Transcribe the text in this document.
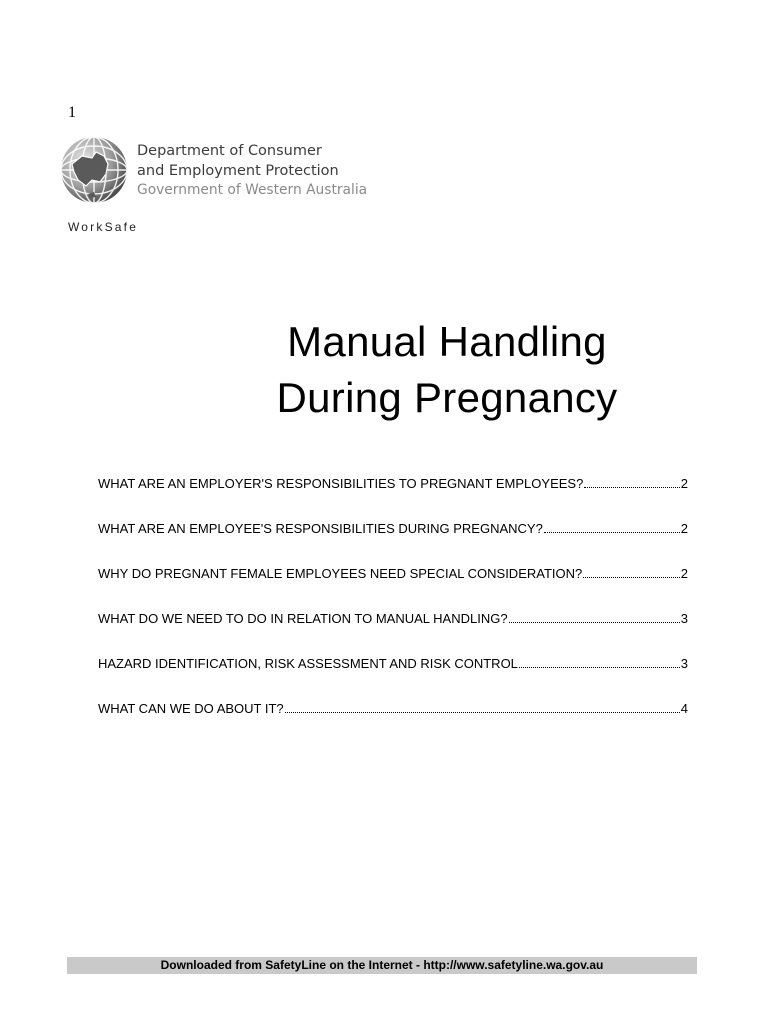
1
Department of Consumer
and Employment Protection
Government of Western Australia
WorkSafe
Manual Handling
During Pregnancy
WHAT ARE AN EMPLOYER'S RESPONSIBILITIES TO PREGNANT EMPLOYEES?	2
WHAT ARE AN EMPLOYEE'S RESPONSIBILITIES DURING PREGNANCY?	2
WHY DO PREGNANT FEMALE EMPLOYEES NEED SPECIAL CONSIDERATION?	2
WHAT DO WE NEED TO DO IN RELATION TO MANUAL HANDLING?	3
HAZARD IDENTIFICATION, RISK ASSESSMENT AND RISK CONTROL	3
WHAT CAN WE DO ABOUT IT?	4
Downloaded from SafetyLine on the Internet - http://www.safetyline.wa.gov.au
